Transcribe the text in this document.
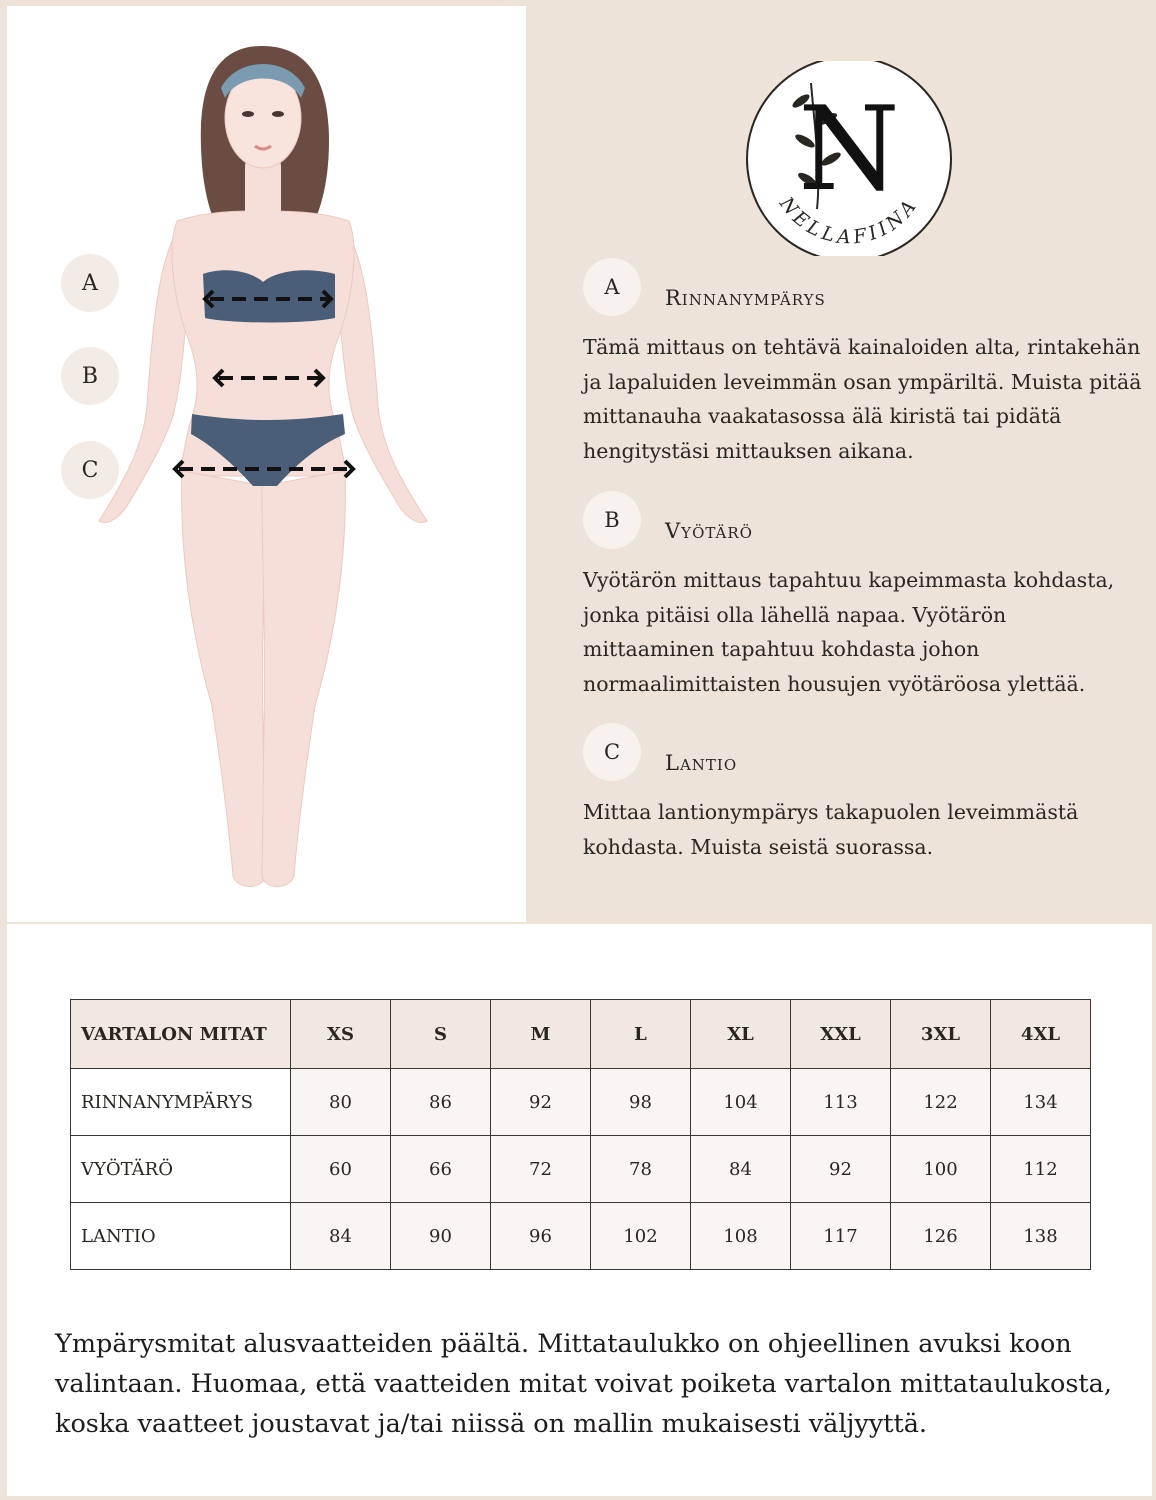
A
B
C
N
NELLAFIINA
A	Rinnanympärys

Tämä mittaus on tehtävä kainaloiden alta, rintakehän ja lapaluiden leveimmän osan ympäriltä. Muista pitää mittanauha vaakatasossa älä kiristä tai pidätä hengitystäsi mittauksen aikana.

B	Vyötärö

Vyötärön mittaus tapahtuu kapeimmasta kohdasta, jonka pitäisi olla lähellä napaa. Vyötärön mittaaminen tapahtuu kohdasta johon normaalimittaisten housujen vyötäröosa ylettää.

C	Lantio

Mittaa lantionympärys takapuolen leveimmästä kohdasta. Muista seistä suorassa.

VARTALON MITAT	XS	S	M	L	XL	XXL	3XL	4XL
RINNANYMPÄRYS	80	86	92	98	104	113	122	134
VYÖTÄRÖ	60	66	72	78	84	92	100	112
LANTIO	84	90	96	102	108	117	126	138

Ympärysmitat alusvaatteiden päältä. Mittataulukko on ohjeellinen avuksi koon valintaan. Huomaa, että vaatteiden mitat voivat poiketa vartalon mittataulukosta, koska vaatteet joustavat ja/tai niissä on mallin mukaisesti väljyyttä.
